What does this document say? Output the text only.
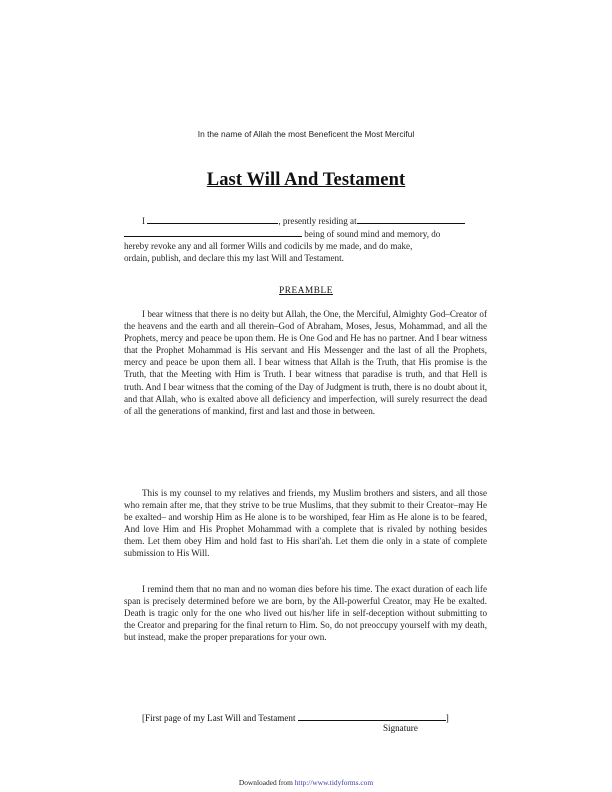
In the name of Allah the most Beneficent the Most Merciful
Last Will And Testament
I	, presently residing at
being of sound mind and memory, do
hereby revoke any and all former Wills and codicils by me made, and do make,
ordain, publish, and declare this my last Will and Testament.
PREAMBLE
I bear witness that there is no deity but Allah, the One, the Merciful, Almighty God–Creator of the heavens and the earth and all therein–God of Abraham, Moses, Jesus, Mohammad, and all the Prophets, mercy and peace be upon them. He is One God and He has no partner. And I bear witness that the Prophet Mohammad is His servant and His Messenger and the last of all the Prophets, mercy and peace be upon them all. I bear witness that Allah is the Truth, that His promise is the Truth, that the Meeting with Him is Truth. I bear witness that paradise is truth, and that Hell is truth. And I bear witness that the coming of the Day of Judgment is truth, there is no doubt about it, and that Allah, who is exalted above all deficiency and imperfection, will surely resurrect the dead of all the generations of mankind, first and last and those in between.
This is my counsel to my relatives and friends, my Muslim brothers and sisters, and all those who remain after me, that they strive to be true Muslims, that they submit to their Creator–may He be exalted– and worship Him as He alone is to be worshiped, fear Him as He alone is to be feared, And love Him and His Prophet Mohammad with a complete that is rivaled by nothing besides them. Let them obey Him and hold fast to His shari'ah. Let them die only in a state of complete submission to His Will.
I remind them that no man and no woman dies before his time. The exact duration of each life span is precisely determined before we are born, by the All-powerful Creator, may He be exalted. Death is tragic only for the one who lived out his/her life in self-deception without submitting to the Creator and preparing for the final return to Him. So, do not preoccupy yourself with my death, but instead, make the proper preparations for your own.
[First page of my Last Will and Testament	]
Signature
Downloaded from http://www.tidyforms.com
